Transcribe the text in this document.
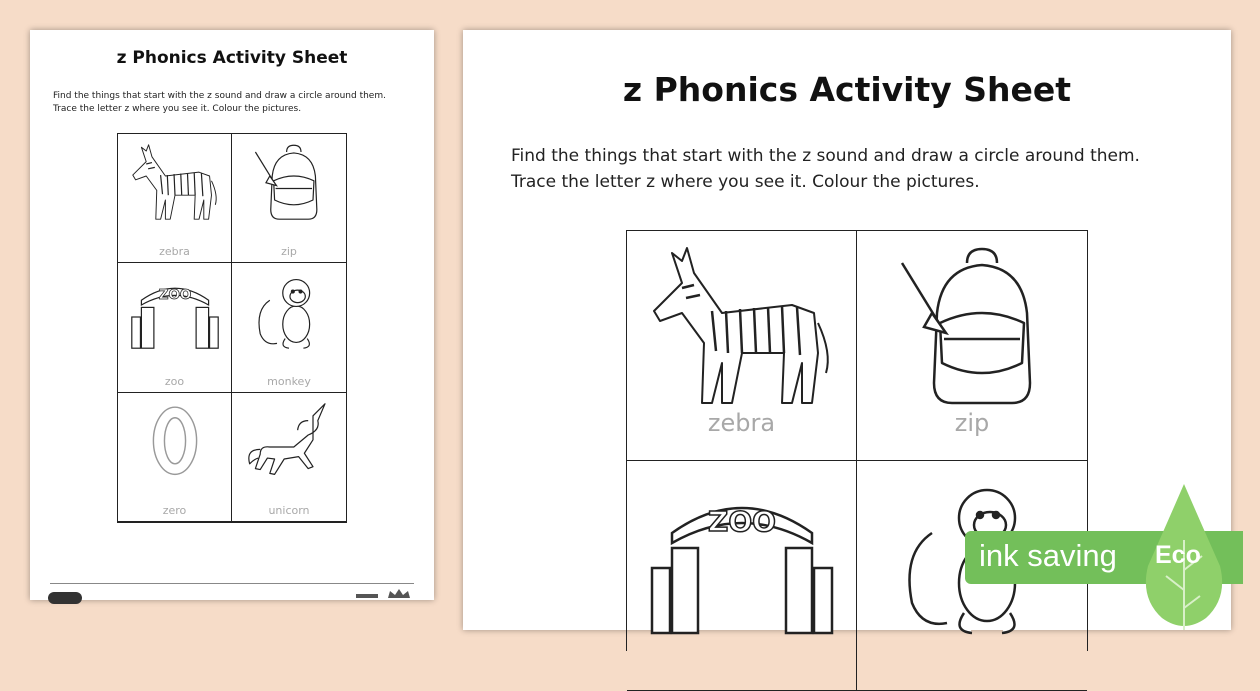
z Phonics Activity Sheet
Find the things that start with the z sound and draw a circle around them.
Trace the letter z where you see it. Colour the pictures.
zebra	zip
zoo	monkey
zero	unicorn
z Phonics Activity Sheet
Find the things that start with the z sound and draw a circle around them.
Trace the letter z where you see it. Colour the pictures.
zebra	zip
ink saving Eco
